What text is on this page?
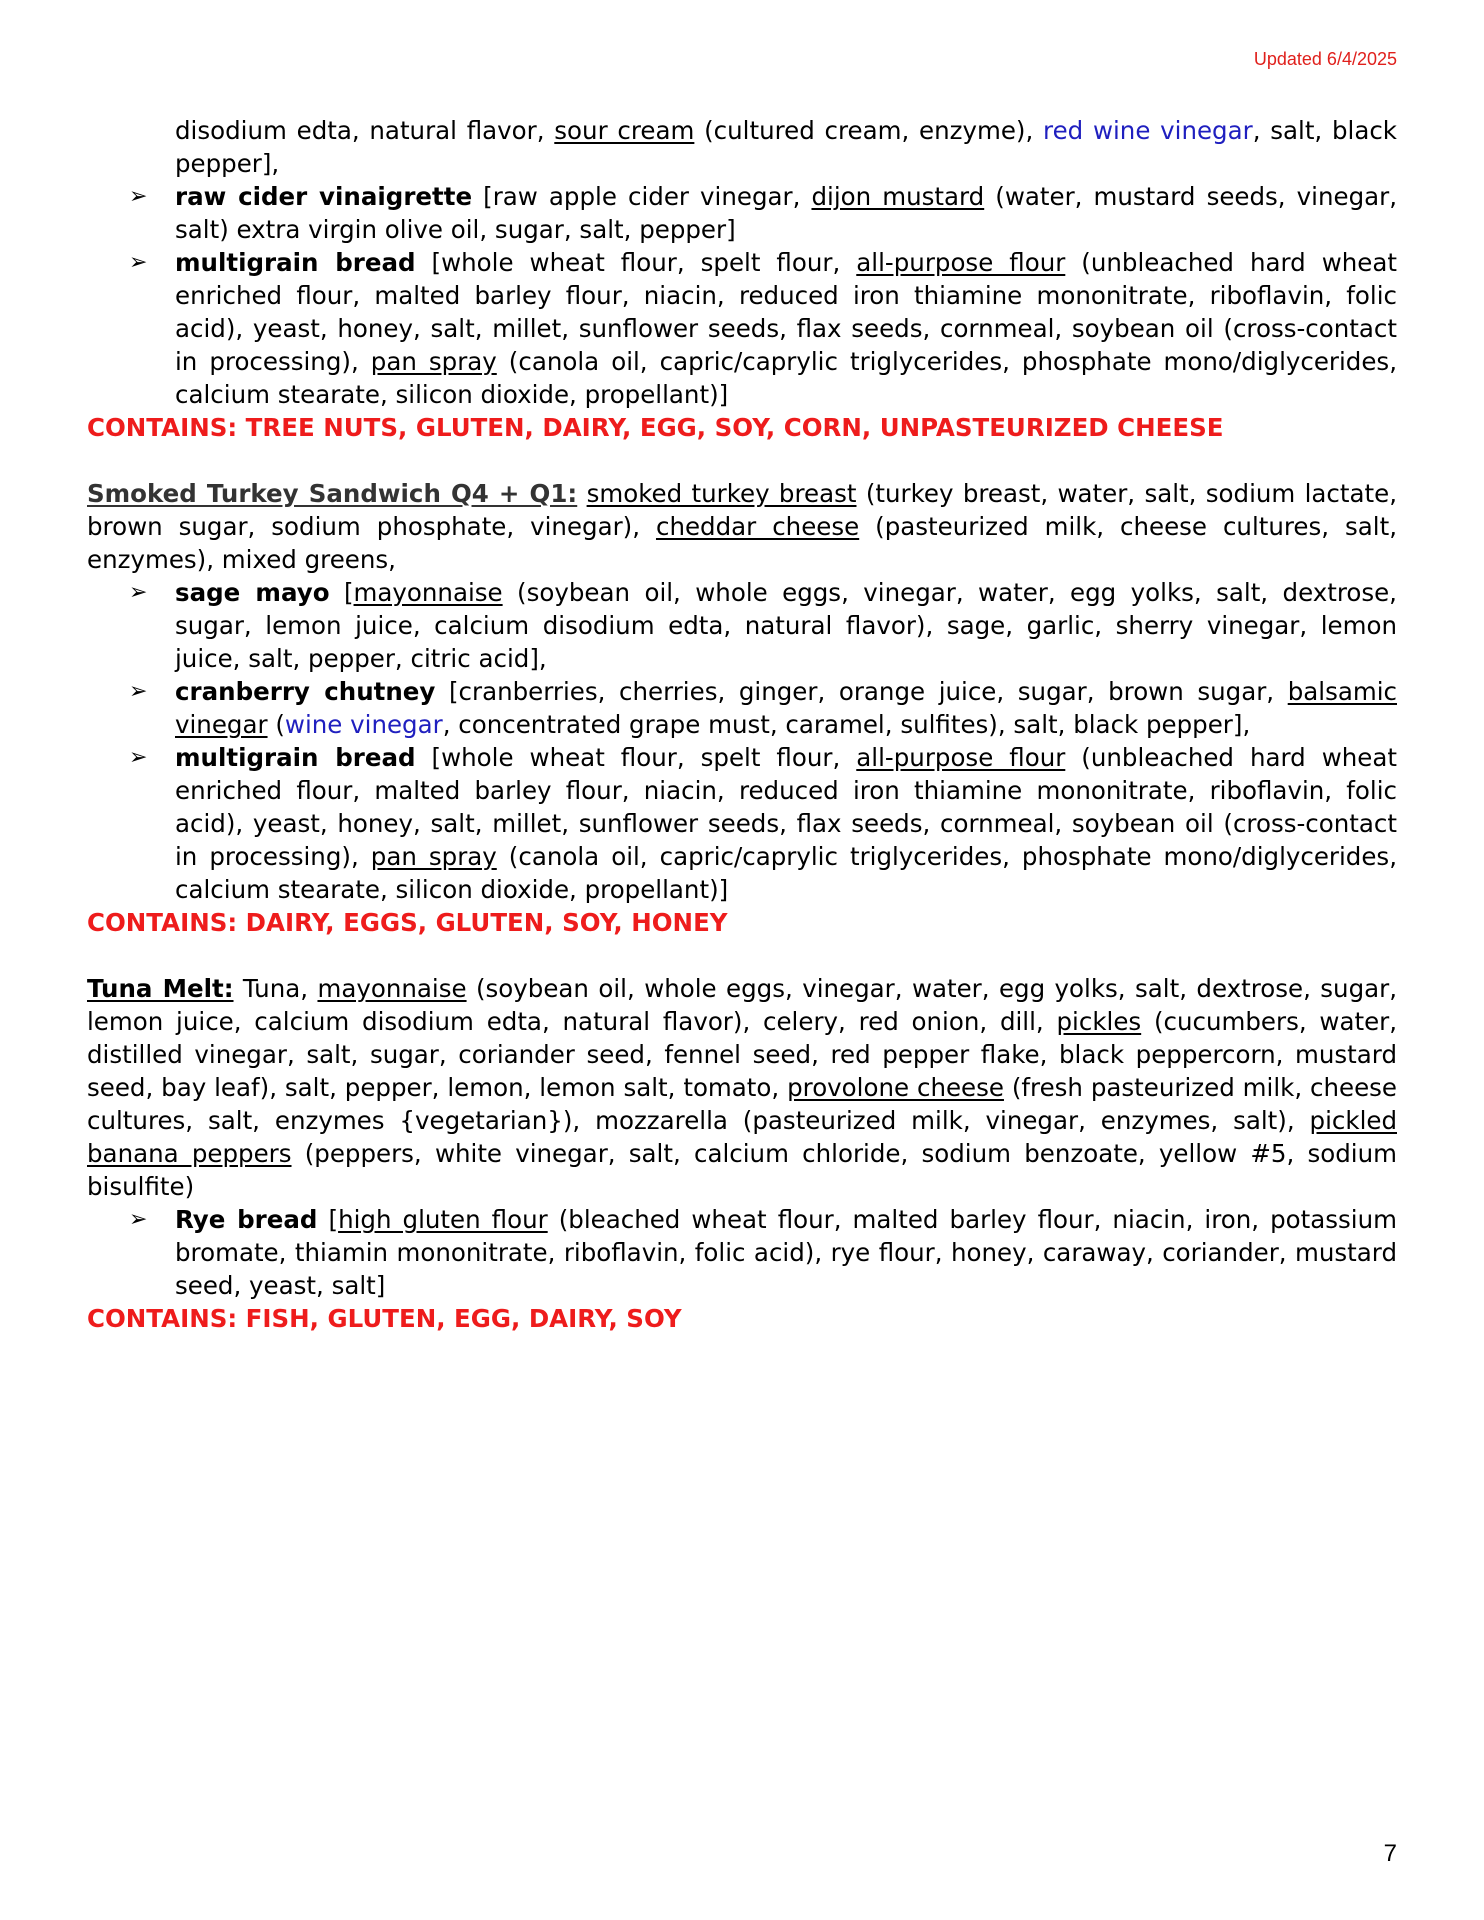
Updated 6/4/2025

disodium edta, natural flavor, sour cream (cultured cream, enzyme), red wine vinegar, salt, black pepper],

➢ raw cider vinaigrette [raw apple cider vinegar, dijon mustard (water, mustard seeds, vinegar, salt) extra virgin olive oil, sugar, salt, pepper]

➢ multigrain bread [whole wheat flour, spelt flour, all-purpose flour (unbleached hard wheat enriched flour, malted barley flour, niacin, reduced iron thiamine mononitrate, riboflavin, folic acid), yeast, honey, salt, millet, sunflower seeds, flax seeds, cornmeal, soybean oil (cross-contact in processing), pan spray (canola oil, capric/caprylic triglycerides, phosphate mono/diglycerides, calcium stearate, silicon dioxide, propellant)]

CONTAINS: TREE NUTS, GLUTEN, DAIRY, EGG, SOY, CORN, UNPASTEURIZED CHEESE

Smoked Turkey Sandwich Q4 + Q1: smoked turkey breast (turkey breast, water, salt, sodium lactate, brown sugar, sodium phosphate, vinegar), cheddar cheese (pasteurized milk, cheese cultures, salt, enzymes), mixed greens,

➢ sage mayo [mayonnaise (soybean oil, whole eggs, vinegar, water, egg yolks, salt, dextrose, sugar, lemon juice, calcium disodium edta, natural flavor), sage, garlic, sherry vinegar, lemon juice, salt, pepper, citric acid],

➢ cranberry chutney [cranberries, cherries, ginger, orange juice, sugar, brown sugar, balsamic vinegar (wine vinegar, concentrated grape must, caramel, sulfites), salt, black pepper],

➢ multigrain bread [whole wheat flour, spelt flour, all-purpose flour (unbleached hard wheat enriched flour, malted barley flour, niacin, reduced iron thiamine mononitrate, riboflavin, folic acid), yeast, honey, salt, millet, sunflower seeds, flax seeds, cornmeal, soybean oil (cross-contact in processing), pan spray (canola oil, capric/caprylic triglycerides, phosphate mono/diglycerides, calcium stearate, silicon dioxide, propellant)]

CONTAINS: DAIRY, EGGS, GLUTEN, SOY, HONEY

Tuna Melt: Tuna, mayonnaise (soybean oil, whole eggs, vinegar, water, egg yolks, salt, dextrose, sugar, lemon juice, calcium disodium edta, natural flavor), celery, red onion, dill, pickles (cucumbers, water, distilled vinegar, salt, sugar, coriander seed, fennel seed, red pepper flake, black peppercorn, mustard seed, bay leaf), salt, pepper, lemon, lemon salt, tomato, provolone cheese (fresh pasteurized milk, cheese cultures, salt, enzymes {vegetarian}), mozzarella (pasteurized milk, vinegar, enzymes, salt), pickled banana peppers (peppers, white vinegar, salt, calcium chloride, sodium benzoate, yellow #5, sodium bisulfite)

➢ Rye bread [high gluten flour (bleached wheat flour, malted barley flour, niacin, iron, potassium bromate, thiamin mononitrate, riboflavin, folic acid), rye flour, honey, caraway, coriander, mustard seed, yeast, salt]

CONTAINS: FISH, GLUTEN, EGG, DAIRY, SOY

7
